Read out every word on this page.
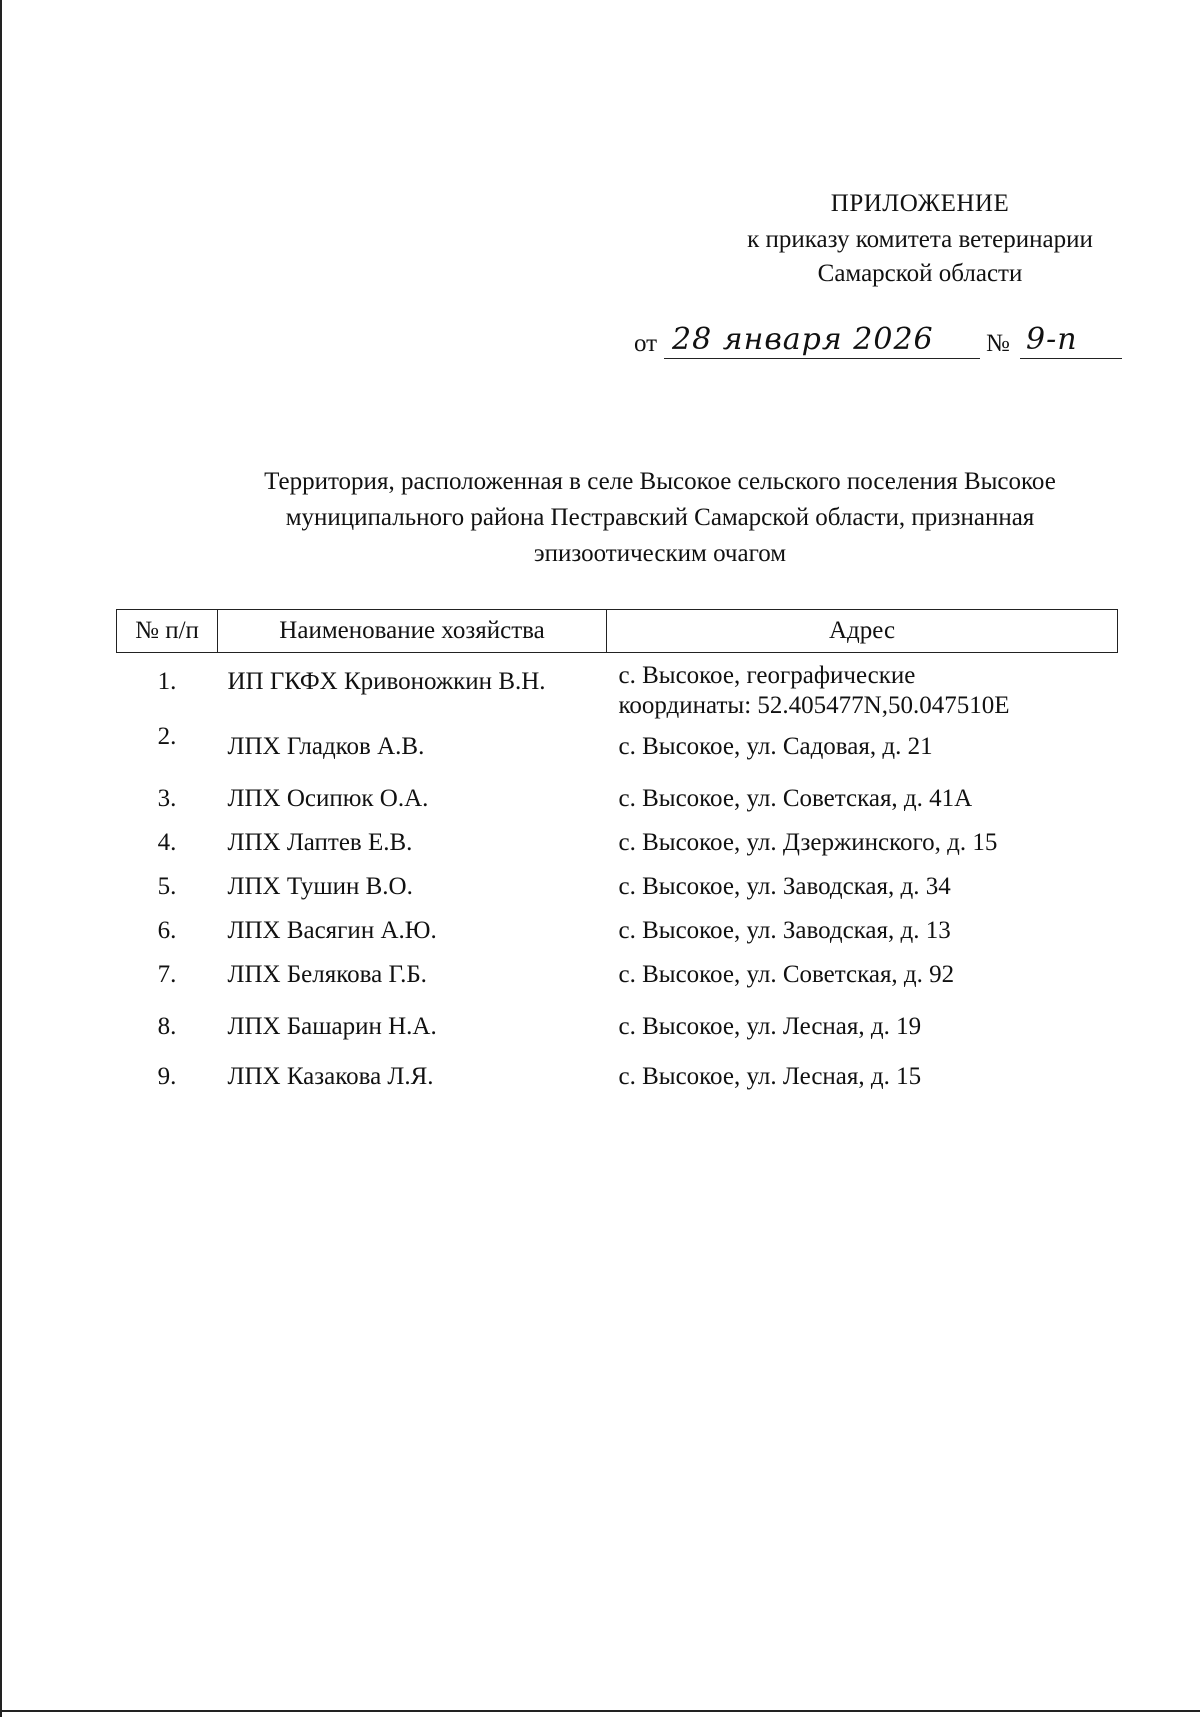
ПРИЛОЖЕНИЕ
к приказу комитета ветеринарии
Самарской области
от 28 января 2026 № 9-п
Территория, расположенная в селе Высокое сельского поселения Высокое
муниципального района Пестравский Самарской области, признанная
эпизоотическим очагом
№ п/п	Наименование хозяйства	Адрес
1.	ИП ГКФХ Кривоножкин В.Н.	с. Высокое, географические
координаты: 52.405477N,50.047510E

2.	ЛПХ Гладков А.В.	с. Высокое, ул. Садовая, д. 21
3.	ЛПХ Осипюк О.А.	с. Высокое, ул. Советская, д. 41А
4.	ЛПХ Лаптев Е.В.	с. Высокое, ул. Дзержинского, д. 15
5.	ЛПХ Тушин В.О.	с. Высокое, ул. Заводская, д. 34
6.	ЛПХ Васягин А.Ю.	с. Высокое, ул. Заводская, д. 13
7.	ЛПХ Белякова Г.Б.	с. Высокое, ул. Советская, д. 92
8.	ЛПХ Башарин Н.А.	с. Высокое, ул. Лесная, д. 19
9.	ЛПХ Казакова Л.Я.	с. Высокое, ул. Лесная, д. 15
